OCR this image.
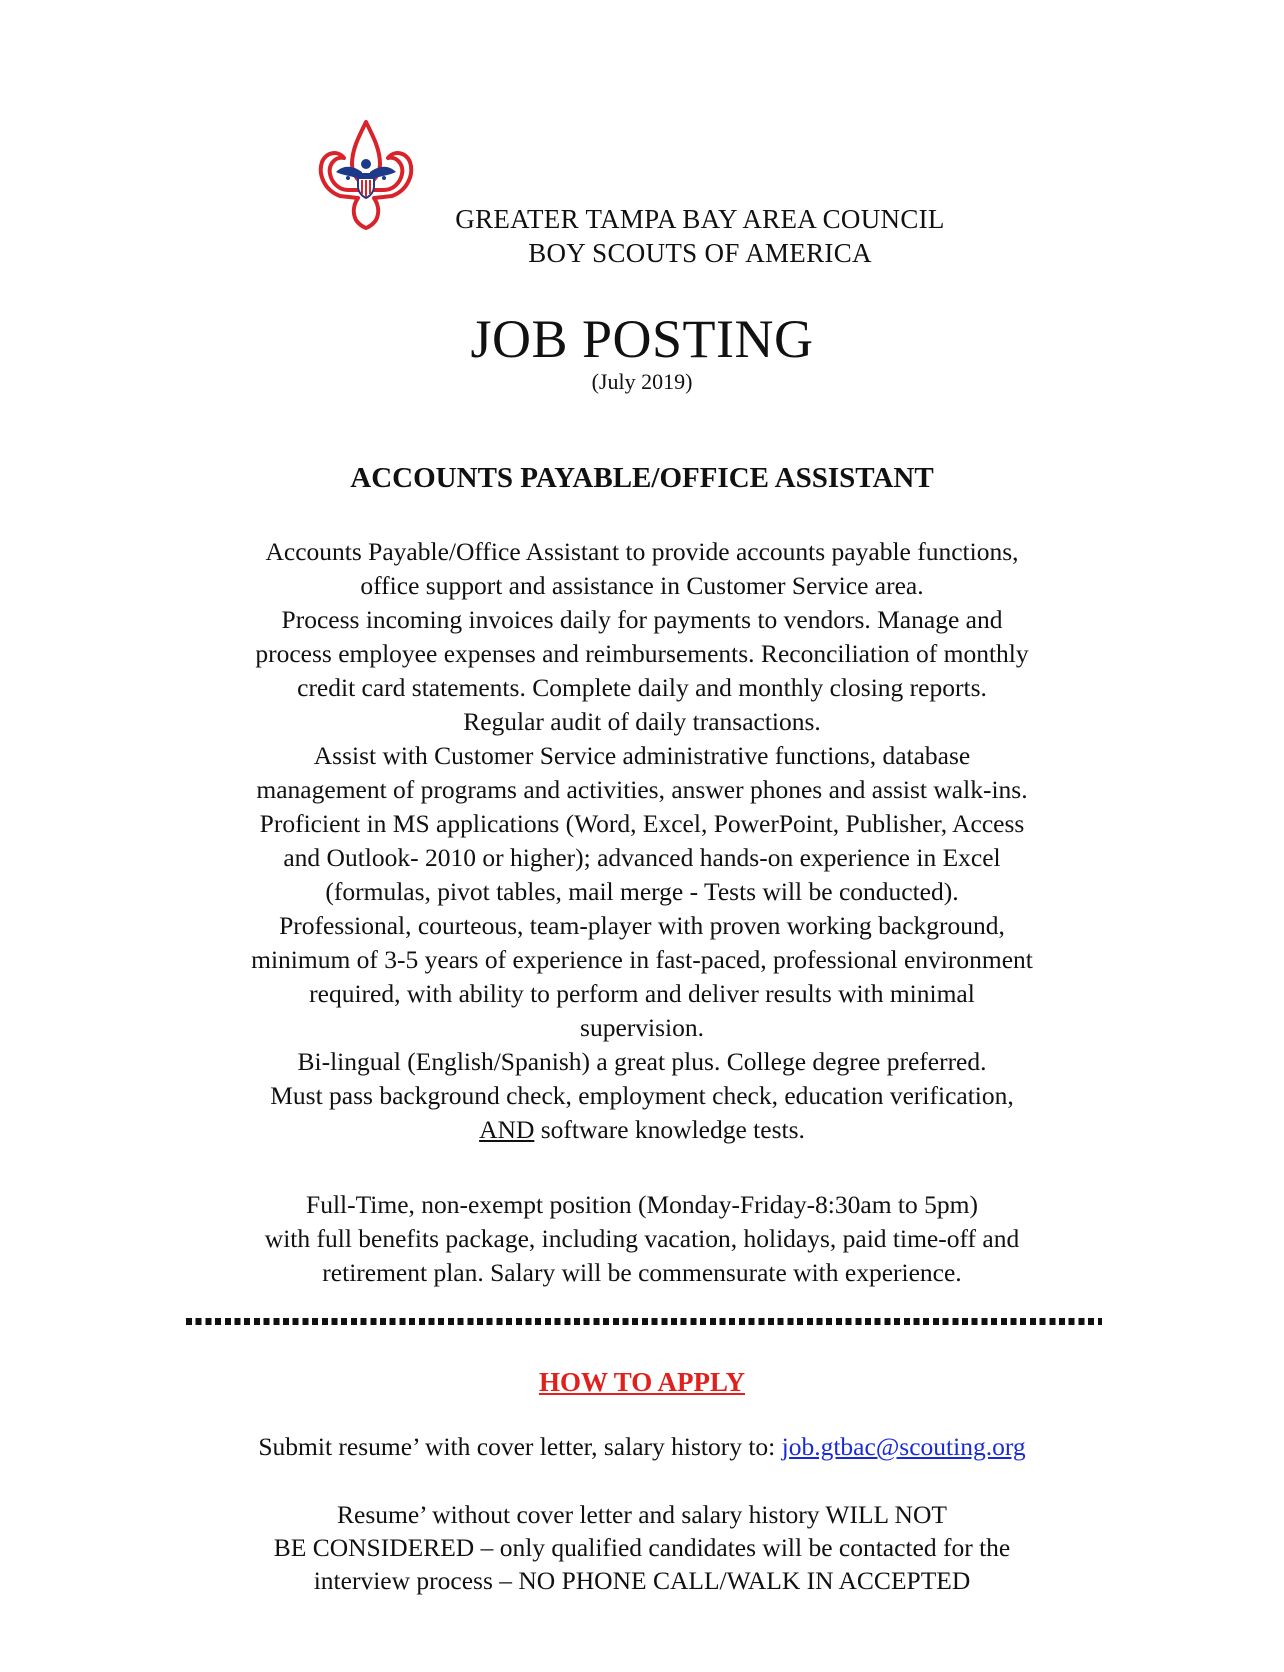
GREATER TAMPA BAY AREA COUNCIL
BOY SCOUTS OF AMERICA
JOB POSTING
(July 2019)
ACCOUNTS PAYABLE/OFFICE ASSISTANT
Accounts Payable/Office Assistant to provide accounts payable functions,
office support and assistance in Customer Service area.
Process incoming invoices daily for payments to vendors. Manage and
process employee expenses and reimbursements. Reconciliation of monthly
credit card statements. Complete daily and monthly closing reports.
Regular audit of daily transactions.
Assist with Customer Service administrative functions, database
management of programs and activities, answer phones and assist walk-ins.
Proficient in MS applications (Word, Excel, PowerPoint, Publisher, Access
and Outlook- 2010 or higher); advanced hands-on experience in Excel
(formulas, pivot tables, mail merge - Tests will be conducted).
Professional, courteous, team-player with proven working background,
minimum of 3-5 years of experience in fast-paced, professional environment
required, with ability to perform and deliver results with minimal
supervision.
Bi-lingual (English/Spanish) a great plus. College degree preferred.
Must pass background check, employment check, education verification,
AND software knowledge tests.
Full-Time, non-exempt position (Monday-Friday-8:30am to 5pm)
with full benefits package, including vacation, holidays, paid time-off and
retirement plan. Salary will be commensurate with experience.
HOW TO APPLY
Submit resume’ with cover letter, salary history to: job.gtbac@scouting.org
Resume’ without cover letter and salary history WILL NOT
BE CONSIDERED – only qualified candidates will be contacted for the
interview process – NO PHONE CALL/WALK IN ACCEPTED
